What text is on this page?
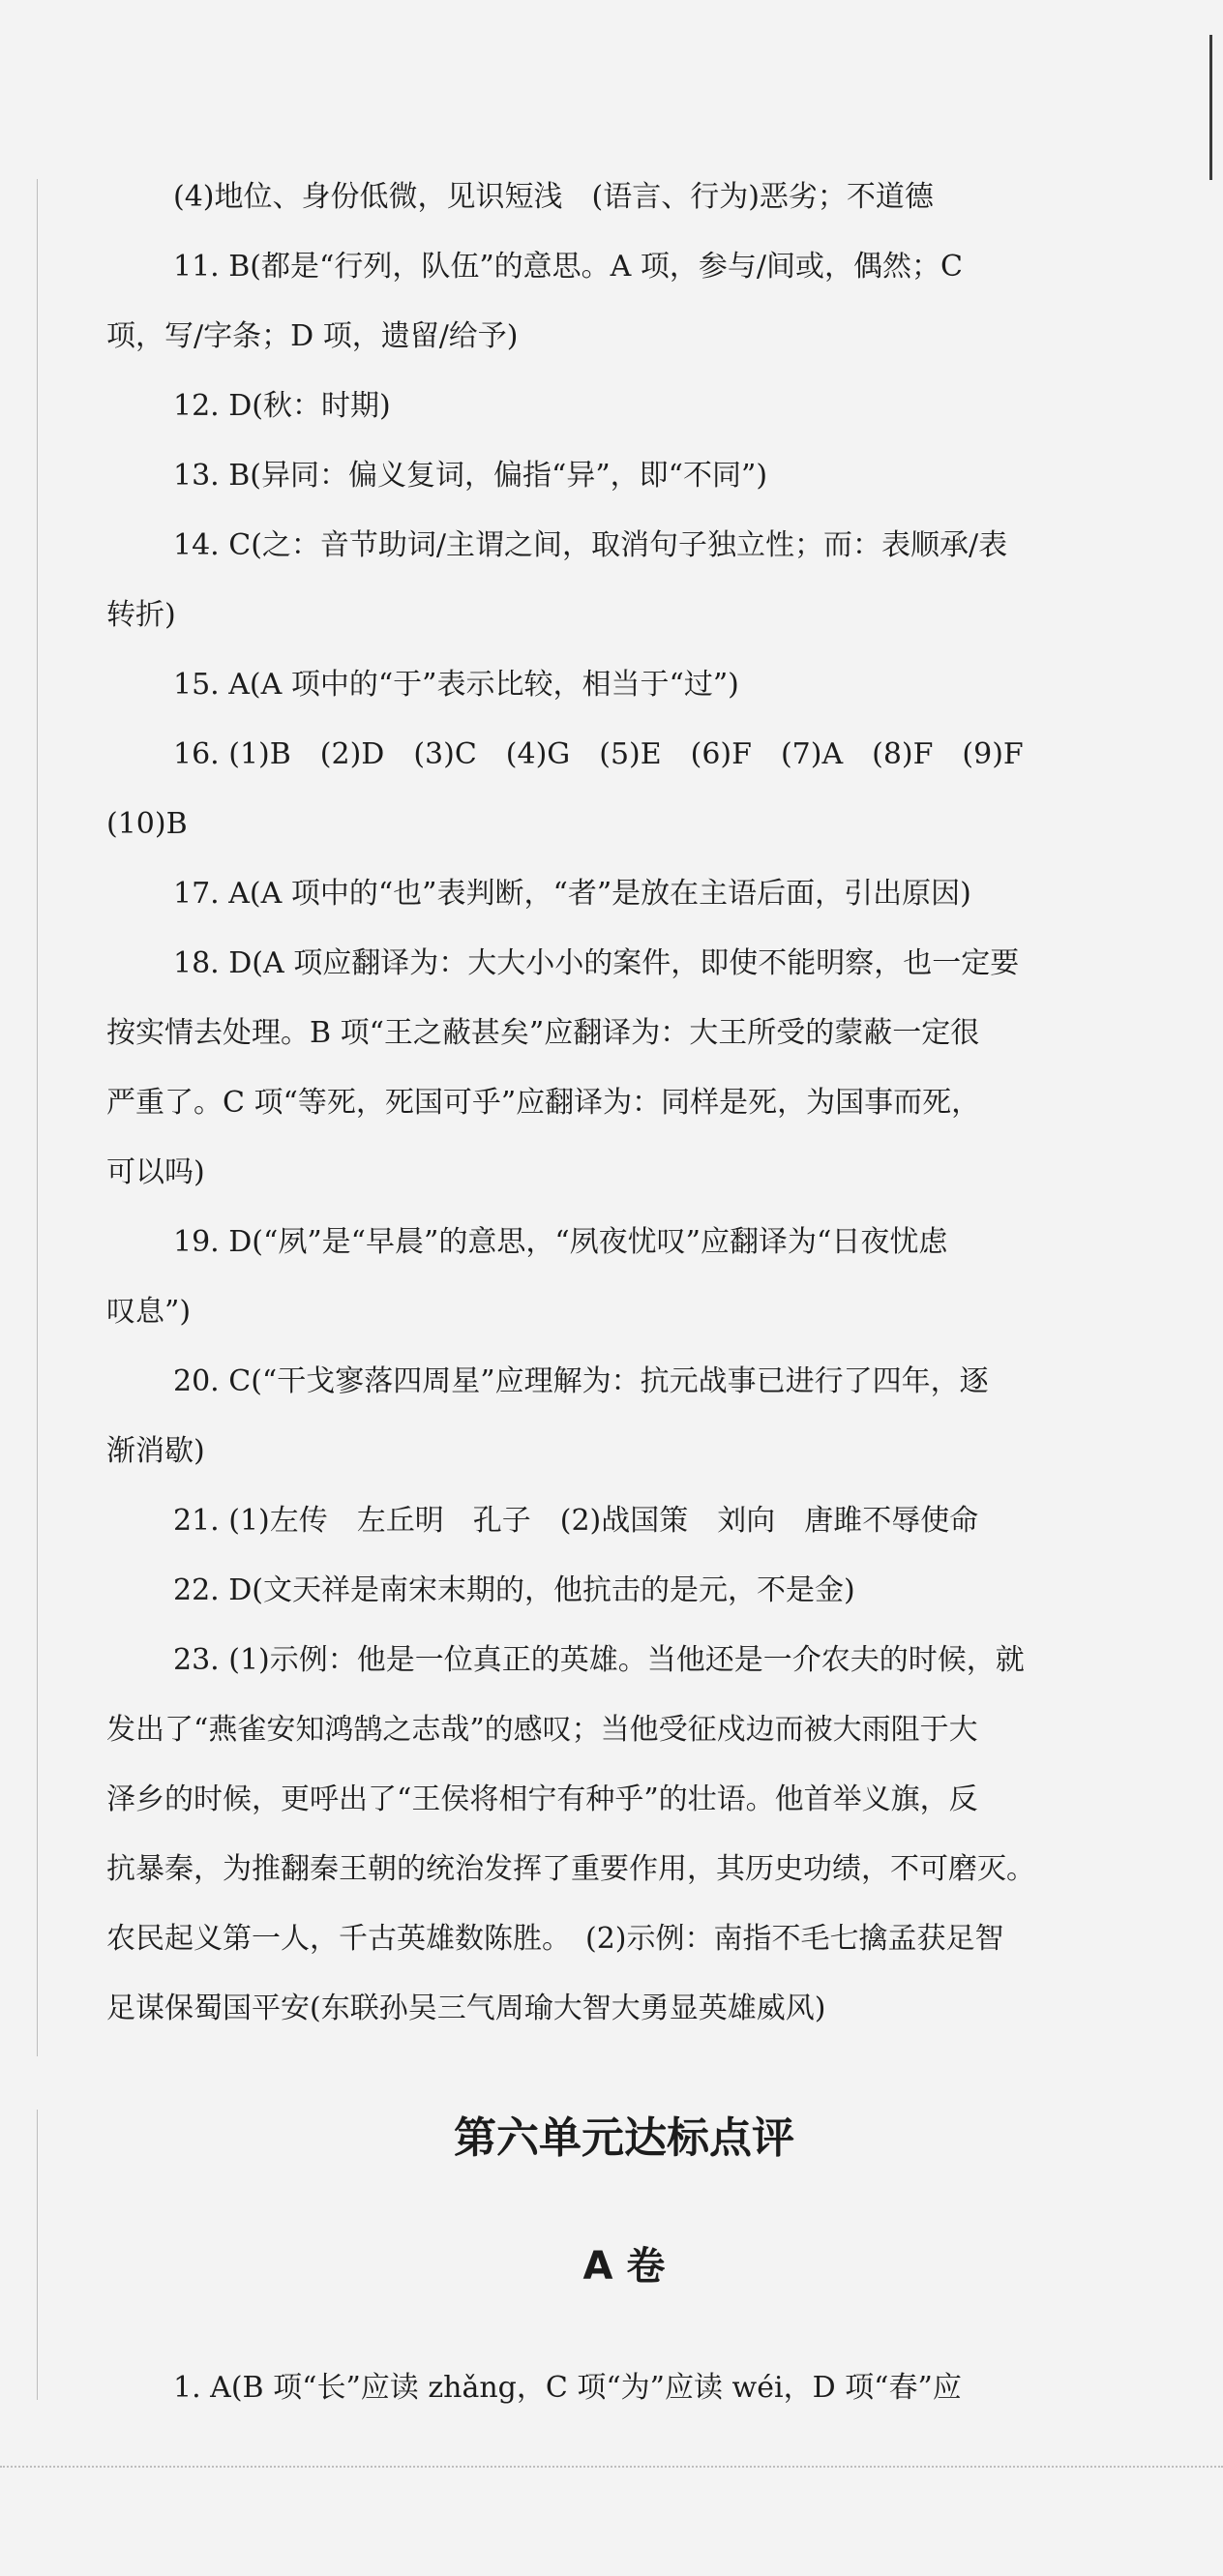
(4)地位、身份低微，见识短浅　(语言、行为)恶劣；不道德
11. B(都是“行列，队伍”的意思。A 项，参与/间或，偶然；C
项，写/字条；D 项，遗留/给予)
12. D(秋：时期)
13. B(异同：偏义复词，偏指“异”，即“不同”)
14. C(之：音节助词/主谓之间，取消句子独立性；而：表顺承/表
转折)
15. A(A 项中的“于”表示比较，相当于“过”)
16. (1)B　(2)D　(3)C　(4)G　(5)E　(6)F　(7)A　(8)F　(9)F
(10)B
17. A(A 项中的“也”表判断，“者”是放在主语后面，引出原因)
18. D(A 项应翻译为：大大小小的案件，即使不能明察，也一定要
按实情去处理。B 项“王之蔽甚矣”应翻译为：大王所受的蒙蔽一定很
严重了。C 项“等死，死国可乎”应翻译为：同样是死，为国事而死，
可以吗)
19. D(“夙”是“早晨”的意思，“夙夜忧叹”应翻译为“日夜忧虑
叹息”)
20. C(“干戈寥落四周星”应理解为：抗元战事已进行了四年，逐
渐消歇)
21. (1)左传　左丘明　孔子　(2)战国策　刘向　唐雎不辱使命
22. D(文天祥是南宋末期的，他抗击的是元，不是金)
23. (1)示例：他是一位真正的英雄。当他还是一介农夫的时候，就
发出了“燕雀安知鸿鹄之志哉”的感叹；当他受征戍边而被大雨阻于大
泽乡的时候，更呼出了“王侯将相宁有种乎”的壮语。他首举义旗，反
抗暴秦，为推翻秦王朝的统治发挥了重要作用，其历史功绩，不可磨灭。
农民起义第一人，千古英雄数陈胜。　(2)示例：南指不毛七擒孟获足智
足谋保蜀国平安(东联孙吴三气周瑜大智大勇显英雄威风)
第六单元达标点评
A 卷
1. A(B 项“长”应读 zhǎng，C 项“为”应读 wéi，D 项“春”应
